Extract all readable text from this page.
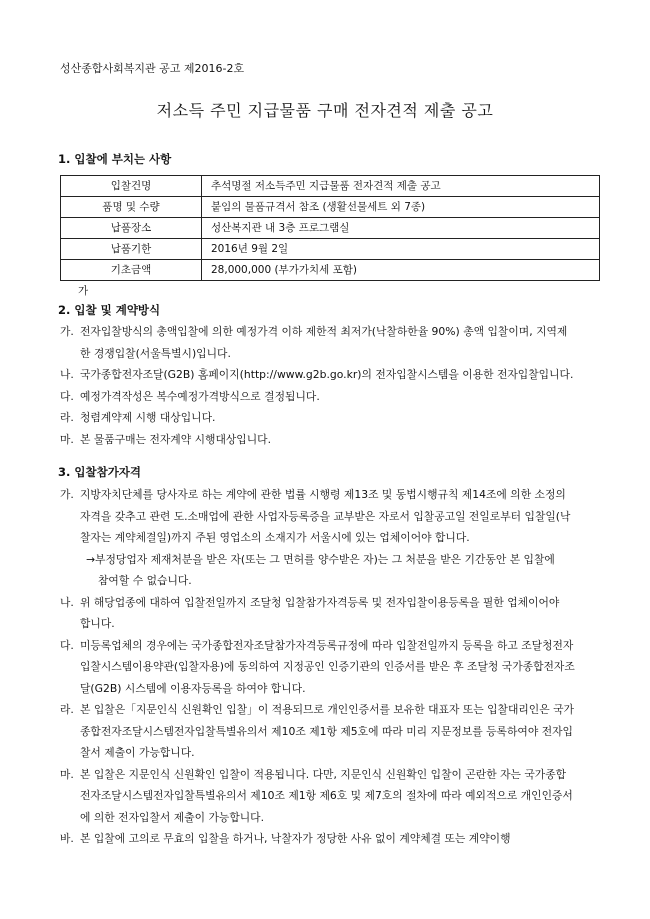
성산종합사회복지관 공고 제2016-2호
저소득 주민 지급물품 구매 전자견적 제출 공고
1. 입찰에 부치는 사항
입찰건명	추석명절 저소득주민 지급물품 전자견적 제출 공고
품명 및 수량	붙임의 물품규격서 참조 (생활선물세트 외 7종)
납품장소	성산복지관 내 3층 프로그램실
납품기한	2016년 9월 2일
기초금액	28,000,000 (부가가치세 포함)
가
2. 입찰 및 계약방식
가. 전자입찰방식의 총액입찰에 의한 예정가격 이하 제한적 최저가(낙찰하한율 90%) 총액 입찰이며, 지역제
한 경쟁입찰(서울특별시)입니다.
나. 국가종합전자조달(G2B) 홈페이지(http://www.g2b.go.kr)의 전자입찰시스템을 이용한 전자입찰입니다.
다. 예정가격작성은 복수예정가격방식으로 결정됩니다.
라. 청렴계약제 시행 대상입니다.
마. 본 물품구매는 전자계약 시행대상입니다.
3. 입찰참가자격
가. 지방자치단체를 당사자로 하는 계약에 관한 법률 시행령 제13조 및 동법시행규칙 제14조에 의한 소정의
자격을 갖추고 관련 도.소매업에 관한 사업자등록증을 교부받은 자로서 입찰공고일 전일로부터 입찰일(낙
찰자는 계약체결일)까지 주된 영업소의 소재지가 서울시에 있는 업체이어야 합니다.
→부정당업자 제재처분을 받은 자(또는 그 면허를 양수받은 자)는 그 처분을 받은 기간동안 본 입찰에
참여할 수 없습니다.
나. 위 해당업종에 대하여 입찰전일까지 조달청 입찰참가자격등록 및 전자입찰이용등록을 필한 업체이어야
합니다.
다. 미등록업체의 경우에는 국가종합전자조달참가자격등록규정에 따라 입찰전일까지 등록을 하고 조달청전자
입찰시스템이용약관(입찰자용)에 동의하여 지정공인 인증기관의 인증서를 받은 후 조달청 국가종합전자조
달(G2B) 시스템에 이용자등록을 하여야 합니다.
라. 본 입찰은「지문인식 신원확인 입찰」이 적용되므로 개인인증서를 보유한 대표자 또는 입찰대리인은 국가
종합전자조달시스템전자입찰특별유의서 제10조 제1항 제5호에 따라 미리 지문정보를 등록하여야 전자입
찰서 제출이 가능합니다.
마. 본 입찰은 지문인식 신원확인 입찰이 적용됩니다. 다만, 지문인식 신원확인 입찰이 곤란한 자는 국가종합
전자조달시스템전자입찰특별유의서 제10조 제1항 제6호 및 제7호의 절차에 따라 예외적으로 개인인증서
에 의한 전자입찰서 제출이 가능합니다.
바. 본 입찰에 고의로 무효의 입찰을 하거나, 낙찰자가 정당한 사유 없이 계약체결 또는 계약이행
